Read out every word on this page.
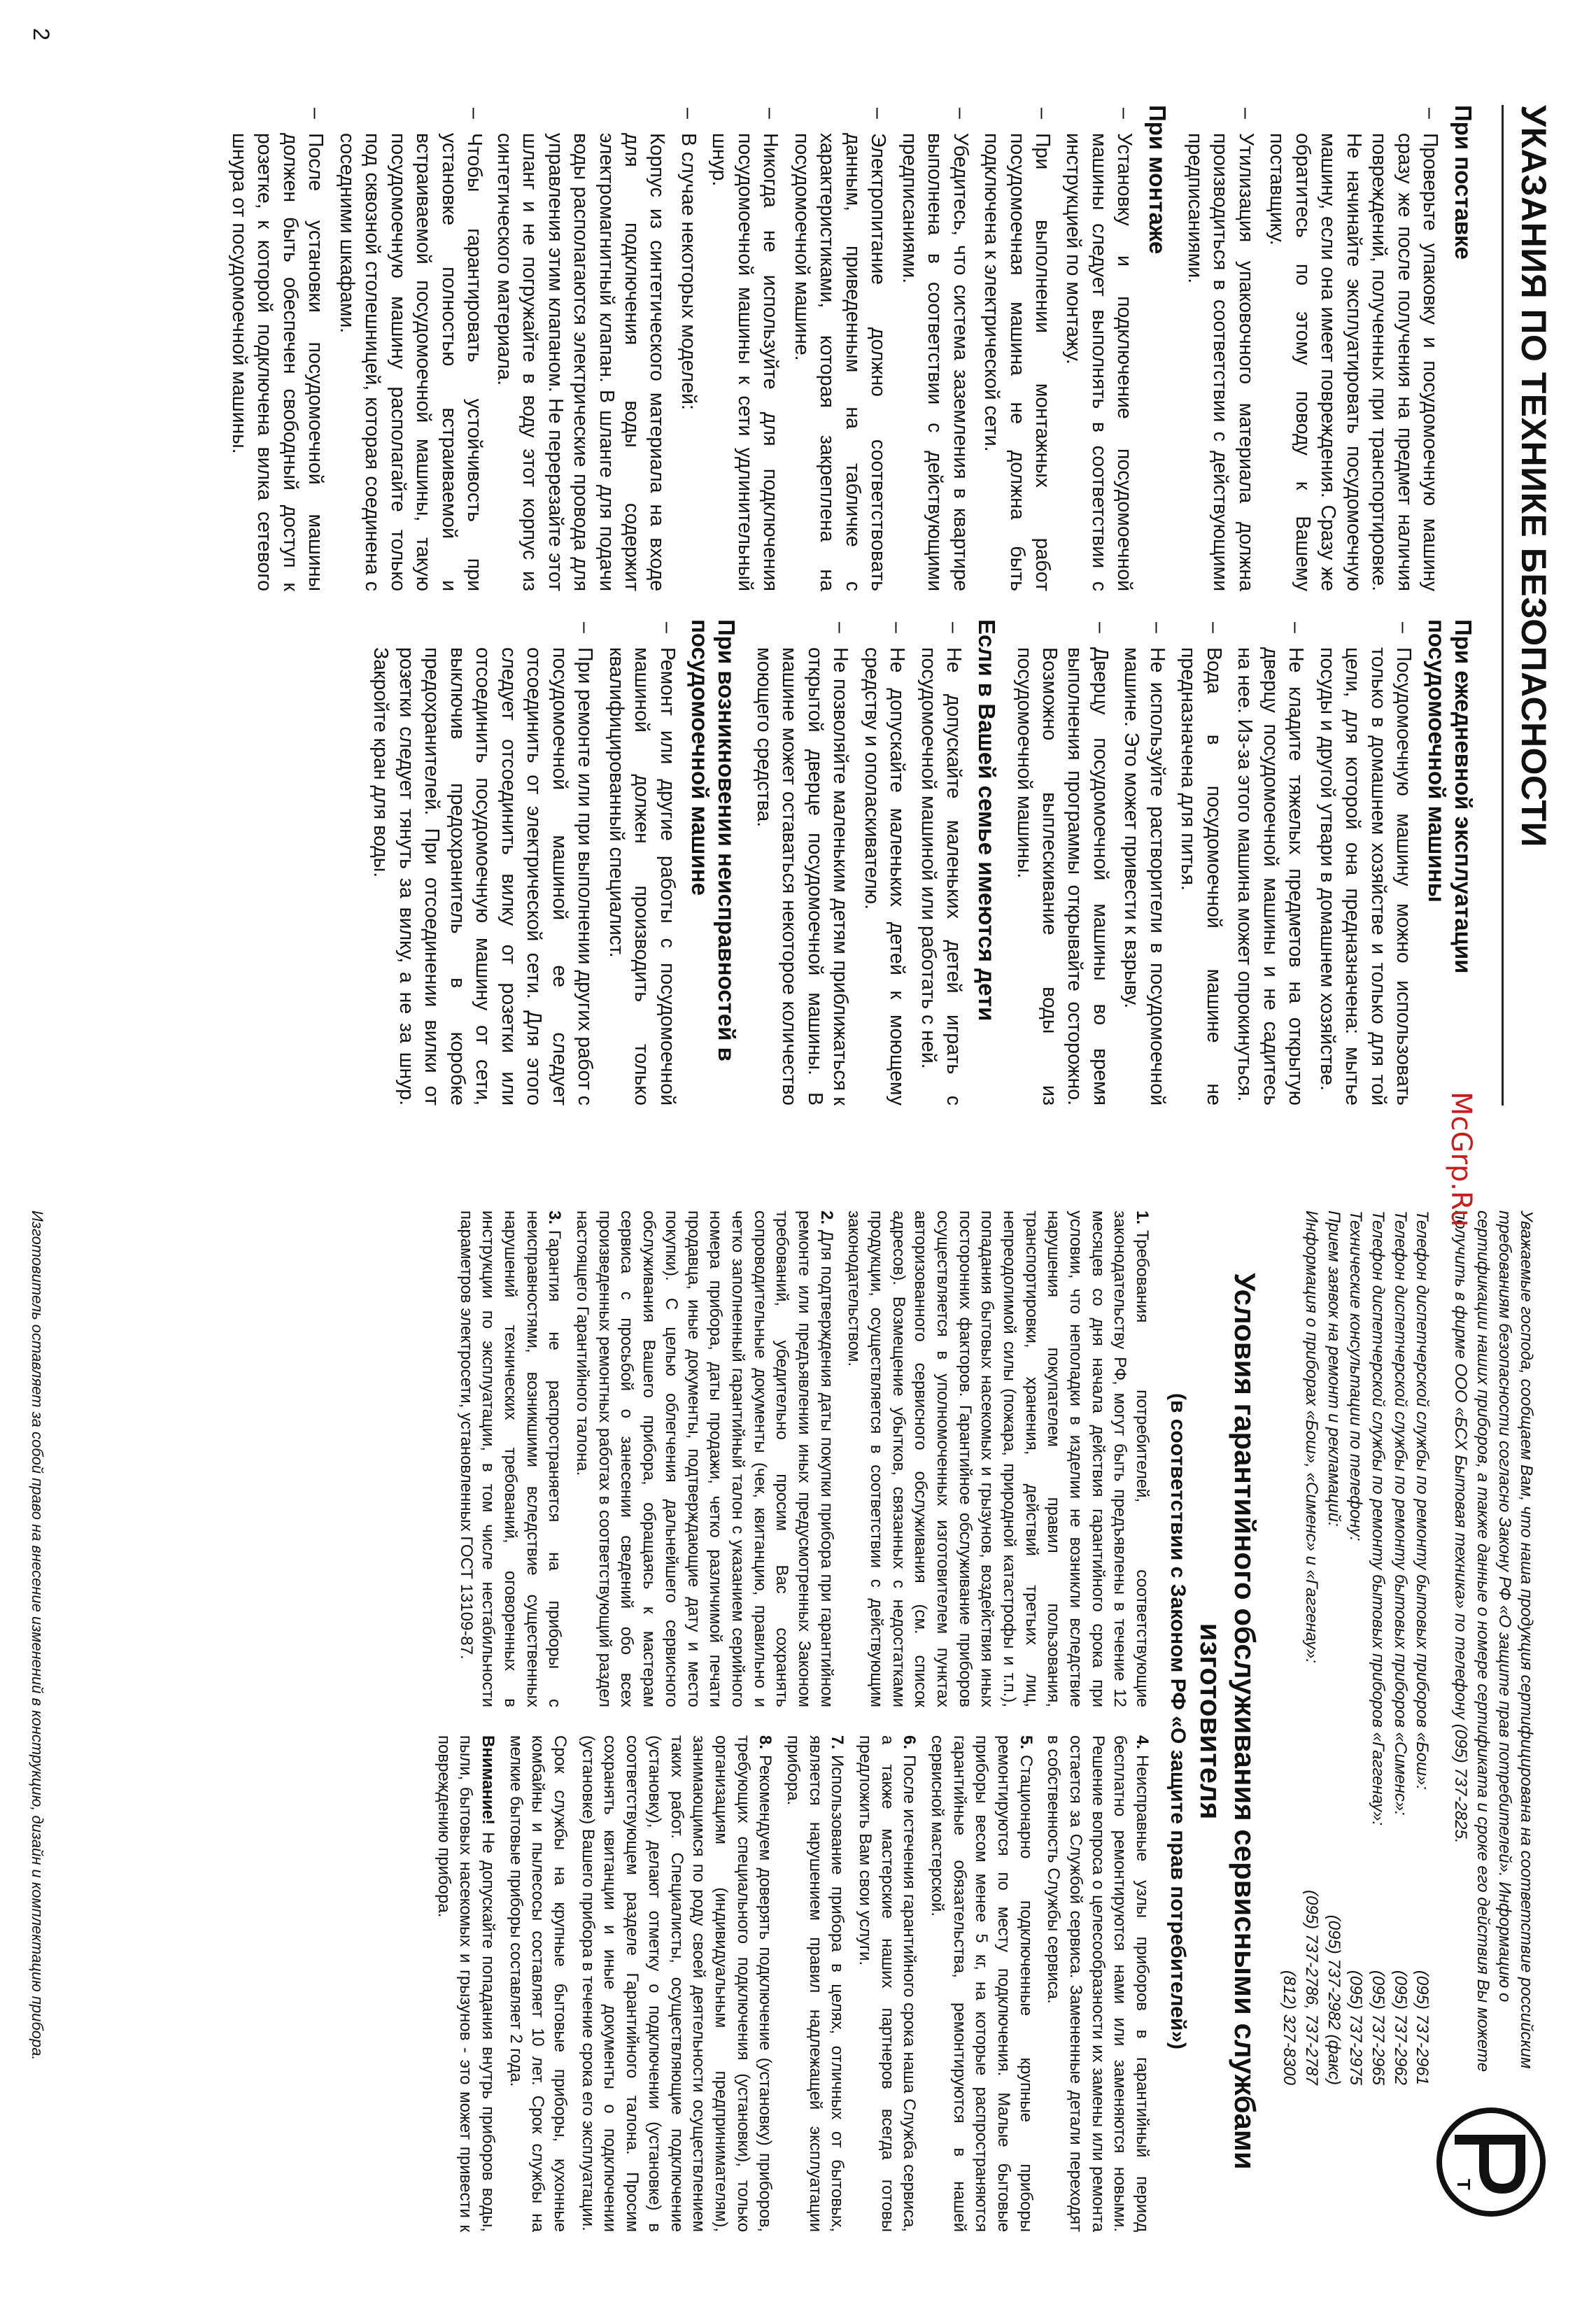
УКАЗАНИЯ ПО ТЕХНИКЕ БЕЗОПАСНОСТИ
При поставке
– Проверьте упаковку и посудомоечную машину сразу же после получения на предмет наличия повреждений, полученных при транспортировке. Не начинайте эксплуатировать посудомоечную машину, если она имеет повреждения. Сразу же обратитесь по этому поводу к Вашему поставщику.
– Утилизация упаковочного материала должна производиться в соответствии с действующими предписаниями.
При монтаже
– Установку и подключение посудомоечной машины следует выполнять в соответствии с инструкцией по монтажу.
– При выполнении монтажных работ посудомоечная машина не должна быть подключена к электрической сети.
– Убедитесь, что система заземления в квартире выполнена в соответствии с действующими предписаниями.
– Электропитание должно соответствовать данным, приведенным на табличке с характеристиками, которая закреплена на посудомоечной машине.
– Никогда не используйте для подключения посудомоечной машины к сети удлинительный шнур.
– В случае некоторых моделей:

Корпус из синтетического материала на входе для подключения воды содержит электромагнитный клапан. В шланге для подачи воды располагаются электрические провода для управления этим клапаном. Не перерезайте этот шланг и не погружайте в воду этот корпус из синтетического материала.

– Чтобы гарантировать устойчивость при установке полностью встраиваемой и встраиваемой посудомоечной машины, такую посудомоечную машину располагайте только под сквозной столешницей, которая соединена с соседними шкафами.
– После установки посудомоечной машины должен быть обеспечен свободный доступ к розетке, к которой подключена вилка сетевого шнура от посудомоечной машины.
При ежедневной эксплуатации посудомоечной машины
– Посудомоечную машину можно использовать только в домашнем хозяйстве и только для той цели, для которой она предназначена: мытье посуды и другой утвари в домашнем хозяйстве.
– Не кладите тяжелых предметов на открытую дверцу посудомоечной машины и не садитесь на нее. Из-за этого машина может опрокинуться.
– Вода в посудомоечной машине не предназначена для питья.
– Не используйте растворители в посудомоечной машине. Это может привести к взрыву.
– Дверцу посудомоечной машины во время выполнения программы открывайте осторожно. Возможно выплескивание воды из посудомоечной машины.
Если в Вашей семье имеются дети
– Не допускайте маленьких детей играть с посудомоечной машиной или работать с ней.
– Не допускайте маленьких детей к моющему средству и ополаскивателю.
– Не позволяйте маленьким детям приближаться к открытой дверце посудомоечной машины. В машине может оставаться некоторое количество моющего средства.
При возникновении неисправностей в посудомоечной машине
– Ремонт или другие работы с посудомоечной машиной должен производить только квалифицированный специалист.
– При ремонте или при выполнении других работ с посудомоечной машиной ее следует отсоединить от электрической сети. Для этого следует отсоединить вилку от розетки или отсоединить посудомоечную машину от сети, выключив предохранитель в коробке предохранителей. При отсоединении вилки от розетки следует тянуть за вилку, а не за шнур. Закройте кран для воды.
2
Т

Уважаемые господа, сообщаем Вам, что наша продукция сертифицирована на соответствие российским требованиям безопасности согласно Закону РФ «О защите прав потребителей». Информацию о сертификации наших приборов, а также данные о номере сертификата и сроке его действия Вы можете получить в фирме ООО «БСХ Бытовая техника» по телефону (095) 737-2825.

Телефон диспетчерской службы по ремонту бытовых приборов «Бош»:
(095) 737-2961
Телефон диспетчерской службы по ремонту бытовых приборов «Сименс»:
(095) 737-2962
Телефон диспетчерской службы по ремонту бытовых приборов «Гаггенау»:
(095) 737-2965
Технические консультации по телефону:
(095) 737-2975
Прием заявок на ремонт и рекламаций:
(095) 737-2982 (факс)
Информация о приборах «Бош», «Сименс» и «Гаггенау»:
(095) 737-2786, 737-2787
(812) 327-8300
Условия гарантийного обслуживания сервисными службами изготовителя
(в соответствии с Законом РФ «О защите прав потребителей»)

1.Требования потребителей, соответствующие законодательству РФ, могут быть предъявлены в течение 12 месяцев со дня начала действия гарантийного срока при условии, что неполадки в изделии не возникли вследствие нарушения покупателем правил пользования, транспортировки, хранения, действий третьих лиц, непреодолимой силы (пожара, природной катастрофы и т.п.), попадания бытовых насекомых и грызунов, воздействия иных посторонних факторов. Гарантийное обслуживание приборов осуществляется в уполномоченных изготовителем пунктах авторизованного сервисного обслуживания (см. список адресов). Возмещение убытков, связанных с недостатками продукции, осуществляется в соответствии с действующим законодательством.

2.Для подтверждения даты покупки прибора при гарантийном ремонте или предъявлении иных предусмотренных Законом требований, убедительно просим Вас сохранять сопроводительные документы (чек, квитанцию, правильно и четко заполненный гарантийный талон с указанием серийного номера прибора, даты продажи, четко различимой печати продавца, иные документы, подтверждающие дату и место покупки). С целью облегчения дальнейшего сервисного обслуживания Вашего прибора, обращаясь к мастерам сервиса с просьбой о занесении сведений обо всех произведенных ремонтных работах в соответствующий раздел настоящего Гарантийного талона.

3.Гарантия не распространяется на приборы с неисправностями, возникшими вследствие существенных нарушений технических требований, оговоренных в инструкции по эксплуатации, в том числе нестабильности параметров электросети, установленных ГОСТ 13109-87.

4.Неисправные узлы приборов в гарантийный период бесплатно ремонтируются нами или заменяются новыми. Решение вопроса о целесообразности их замены или ремонта остается за Службой сервиса. Замененные детали переходят в собственность Службы сервиса.

5.Стационарно подключенные крупные приборы ремонтируются по месту подключения. Малые бытовые приборы весом менее 5 кг, на которые распространяются гарантийные обязательства, ремонтируются в нашей сервисной мастерской.

6.После истечения гарантийного срока наша Служба сервиса, а также мастерские наших партнеров всегда готовы предложить Вам свои услуги.

7.Использование прибора в целях, отличных от бытовых, является нарушением правил надлежащей эксплуатации прибора.

8.Рекомендуем доверять подключение (установку) приборов, требующих специального подключения (установки), только организациям (индивидуальным предпринимателям), занимающимся по роду своей деятельности осуществлением таких работ. Специалисты, осуществляющие подключение (установку), делают отметку о подключении (установке) в соответствующем разделе Гарантийного талона. Просим сохранять квитанции и иные документы о подключении (установке) Вашего прибора в течение срока его эксплуатации.

Срок службы на крупные бытовые приборы, кухонные комбайны и пылесосы составляет 10 лет. Срок службы на мелкие бытовые приборы составляет 2 года.

Внимание! Не допускайте попадания внутрь приборов воды, пыли, бытовых насекомых и грызунов - это может привести к повреждению прибора.

Изготовитель оставляет за собой право на внесение изменений в конструкцию, дизайн и комплектацию прибора.
McGrp.Ru
